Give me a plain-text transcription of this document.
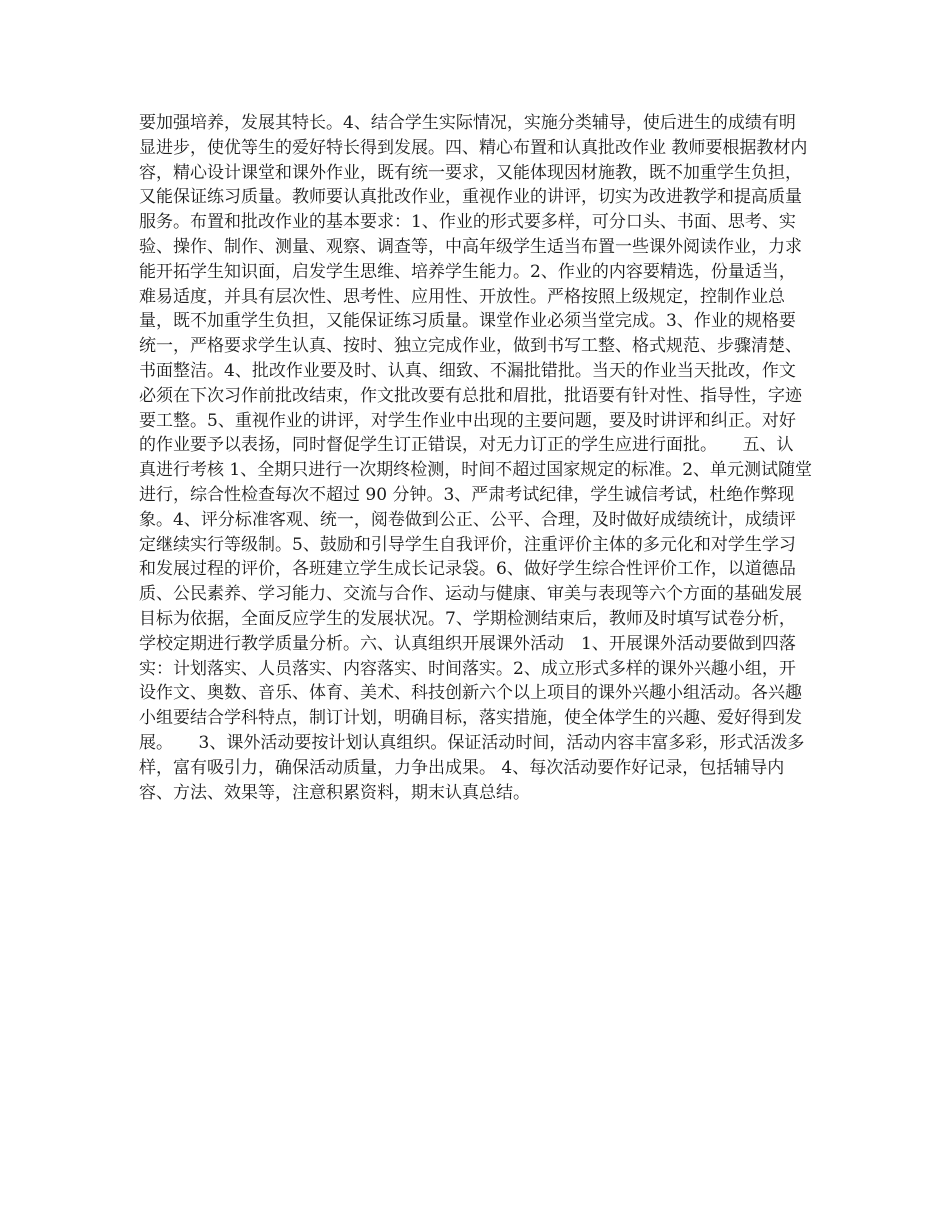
要加强培养，发展其特长。4、结合学生实际情况，实施分类辅导，使后进生的成绩有明
显进步，使优等生的爱好特长得到发展。四、精心布置和认真批改作业 教师要根据教材内
容，精心设计课堂和课外作业，既有统一要求，又能体现因材施教，既不加重学生负担，
又能保证练习质量。教师要认真批改作业，重视作业的讲评，切实为改进教学和提高质量
服务。布置和批改作业的基本要求：1、作业的形式要多样，可分口头、书面、思考、实
验、操作、制作、测量、观察、调查等，中高年级学生适当布置一些课外阅读作业，力求
能开拓学生知识面，启发学生思维、培养学生能力。2、作业的内容要精选，份量适当，
难易适度，并具有层次性、思考性、应用性、开放性。严格按照上级规定，控制作业总
量，既不加重学生负担，又能保证练习质量。课堂作业必须当堂完成。3、作业的规格要
统一，严格要求学生认真、按时、独立完成作业，做到书写工整、格式规范、步骤清楚、
书面整洁。4、批改作业要及时、认真、细致、不漏批错批。当天的作业当天批改，作文
必须在下次习作前批改结束，作文批改要有总批和眉批，批语要有针对性、指导性，字迹
要工整。5、重视作业的讲评，对学生作业中出现的主要问题，要及时讲评和纠正。对好
的作业要予以表扬，同时督促学生订正错误，对无力订正的学生应进行面批。　　五、认
真进行考核 1、全期只进行一次期终检测，时间不超过国家规定的标准。2、单元测试随堂
进行，综合性检查每次不超过 90 分钟。3、严肃考试纪律，学生诚信考试，杜绝作弊现
象。4、评分标准客观、统一，阅卷做到公正、公平、合理，及时做好成绩统计，成绩评
定继续实行等级制。5、鼓励和引导学生自我评价，注重评价主体的多元化和对学生学习
和发展过程的评价，各班建立学生成长记录袋。6、做好学生综合性评价工作，以道德品
质、公民素养、学习能力、交流与合作、运动与健康、审美与表现等六个方面的基础发展
目标为依据，全面反应学生的发展状况。7、学期检测结束后，教师及时填写试卷分析，
学校定期进行教学质量分析。六、认真组织开展课外活动　1、开展课外活动要做到四落
实：计划落实、人员落实、内容落实、时间落实。2、成立形式多样的课外兴趣小组，开
设作文、奥数、音乐、体育、美术、科技创新六个以上项目的课外兴趣小组活动。各兴趣
小组要结合学科特点，制订计划，明确目标，落实措施，使全体学生的兴趣、爱好得到发
展。　　3、课外活动要按计划认真组织。保证活动时间，活动内容丰富多彩，形式活泼多
样，富有吸引力，确保活动质量，力争出成果。 4、每次活动要作好记录，包括辅导内
容、方法、效果等，注意积累资料，期末认真总结。
